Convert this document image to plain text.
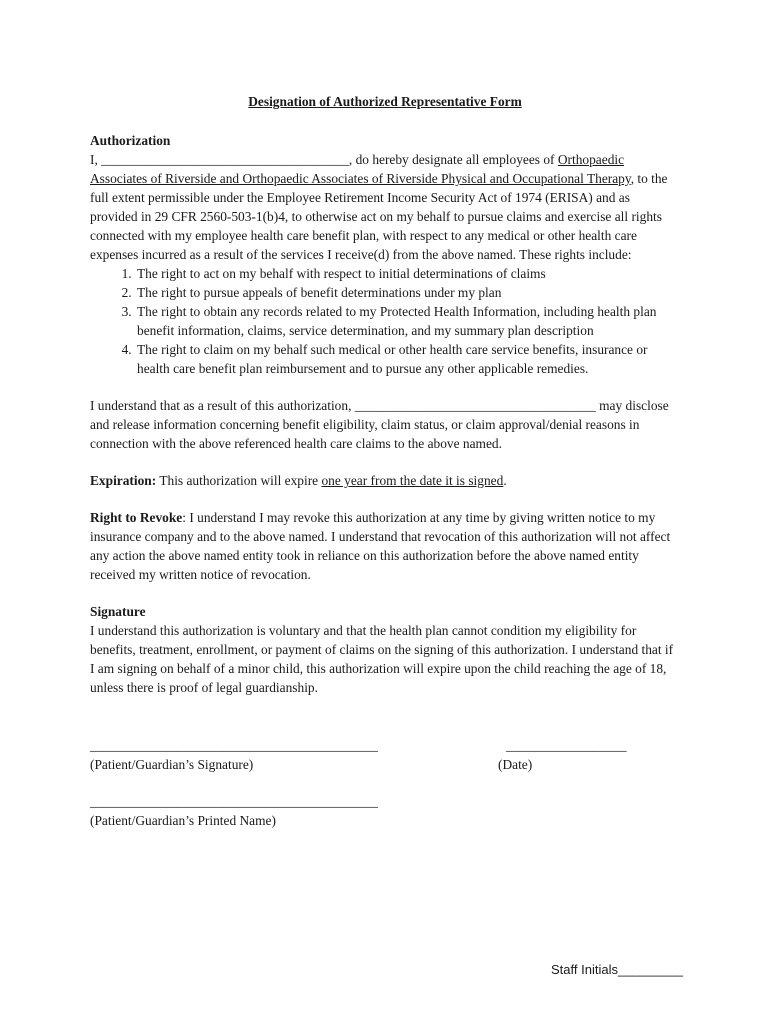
Designation of Authorized Representative Form

Authorization

I, _____________________________________, do hereby designate all employees of Orthopaedic Associates of Riverside and Orthopaedic Associates of Riverside Physical and Occupational Therapy, to the full extent permissible under the Employee Retirement Income Security Act of 1974 (ERISA) and as provided in 29 CFR 2560-503-1(b)4, to otherwise act on my behalf to pursue claims and exercise all rights connected with my employee health care benefit plan, with respect to any medical or other health care expenses incurred as a result of the services I receive(d) from the above named. These rights include:

1. The right to act on my behalf with respect to initial determinations of claims
2. The right to pursue appeals of benefit determinations under my plan
3. The right to obtain any records related to my Protected Health Information, including health plan benefit information, claims, service determination, and my summary plan description
4. The right to claim on my behalf such medical or other health care service benefits, insurance or health care benefit plan reimbursement and to pursue any other applicable remedies.

I understand that as a result of this authorization, ____________________________________ may disclose and release information concerning benefit eligibility, claim status, or claim approval/denial reasons in connection with the above referenced health care claims to the above named.

Expiration: This authorization will expire one year from the date it is signed.

Right to Revoke: I understand I may revoke this authorization at any time by giving written notice to my insurance company and to the above named. I understand that revocation of this authorization will not affect any action the above named entity took in reliance on this authorization before the above named entity received my written notice of revocation.

Signature

I understand this authorization is voluntary and that the health plan cannot condition my eligibility for benefits, treatment, enrollment, or payment of claims on the signing of this authorization. I understand that if I am signing on behalf of a minor child, this authorization will expire upon the child reaching the age of 18, unless there is proof of legal guardianship.

___________________________________________
(Patient/Guardian’s Signature)
__________________
(Date)
___________________________________________
(Patient/Guardian’s Printed Name)
Staff Initials_________
